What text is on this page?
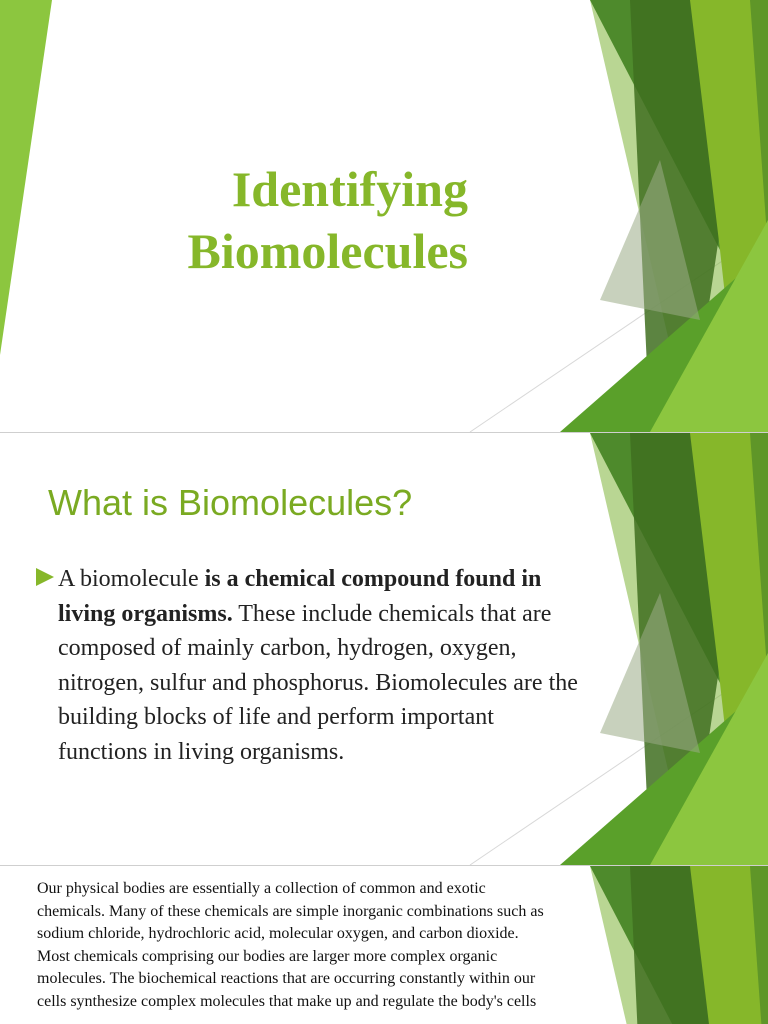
Identifying
Biomolecules
What is Biomolecules?

A biomolecule is a chemical compound found in living organisms. These include chemicals that are composed of mainly carbon, hydrogen, oxygen, nitrogen, sulfur and phosphorus. Biomolecules are the building blocks of life and perform important functions in living organisms.

Our physical bodies are essentially a collection of common and exotic chemicals. Many of these chemicals are simple inorganic combinations such as sodium chloride, hydrochloric acid, molecular oxygen, and carbon dioxide. Most chemicals comprising our bodies are larger more complex organic molecules. The biochemical reactions that are occurring constantly within our cells synthesize complex molecules that make up and regulate the body's cells
